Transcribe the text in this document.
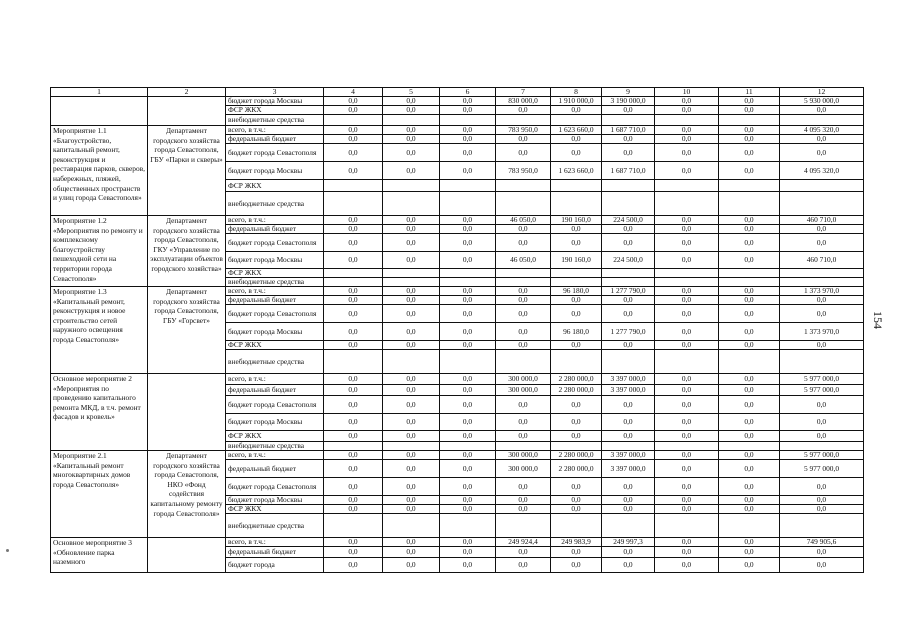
1	2	3	4	5	6	7	8	9	10	11	12
		бюджет города Москвы	0,0	0,0	0,0	830 000,0	1 910 000,0	3 190 000,0	0,0	0,0	5 930 000,0
		ФСР ЖКХ	0,0	0,0	0,0	0,0	0,0	0,0	0,0	0,0	0,0
		внебюджетные средства									
Мероприятие 1.1 «Благоустройство, капитальный ремонт, реконструкция и реставрация парков, скверов, набережных, пляжей, общественных пространств и улиц города Севастополя»	Департамент городского хозяйства города Севастополя, ГБУ «Парки и скверы»	всего, в т.ч.:	0,0	0,0	0,0	783 950,0	1 623 660,0	1 687 710,0	0,0	0,0	4 095 320,0
		федеральный бюджет	0,0	0,0	0,0	0,0	0,0	0,0	0,0	0,0	0,0
		бюджет города Севастополя	0,0	0,0	0,0	0,0	0,0	0,0	0,0	0,0	0,0
		бюджет города Москвы	0,0	0,0	0,0	783 950,0	1 623 660,0	1 687 710,0	0,0	0,0	4 095 320,0
		ФСР ЖКХ									
		внебюджетные средства									
Мероприятие 1.2 «Мероприятия по ремонту и комплексному благоустройству пешеходной сети на территории города Севастополя»	Департамент городского хозяйства города Севастополя, ГКУ «Управление по эксплуатации объектов городского хозяйства»	всего, в т.ч.:	0,0	0,0	0,0	46 050,0	190 160,0	224 500,0	0,0	0,0	460 710,0
		федеральный бюджет	0,0	0,0	0,0	0,0	0,0	0,0	0,0	0,0	0,0
		бюджет города Севастополя	0,0	0,0	0,0	0,0	0,0	0,0	0,0	0,0	0,0
		бюджет города Москвы	0,0	0,0	0,0	46 050,0	190 160,0	224 500,0	0,0	0,0	460 710,0
		ФСР ЖКХ									
		внебюджетные средства									
Мероприятие 1.3 «Капитальный ремонт, реконструкция и новое строительство сетей наружного освещения города Севастополя»	Департамент городского хозяйства города Севастополя, ГБУ «Горсвет»	всего, в т.ч.:	0,0	0,0	0,0	0,0	96 180,0	1 277 790,0	0,0	0,0	1 373 970,0
		федеральный бюджет	0,0	0,0	0,0	0,0	0,0	0,0	0,0	0,0	0,0
		бюджет города Севастополя	0,0	0,0	0,0	0,0	0,0	0,0	0,0	0,0	0,0
		бюджет города Москвы	0,0	0,0	0,0	0,0	96 180,0	1 277 790,0	0,0	0,0	1 373 970,0
		ФСР ЖКХ	0,0	0,0	0,0	0,0	0,0	0,0	0,0	0,0	0,0
		внебюджетные средства									
Основное мероприятие 2 «Мероприятия по проведению капитального ремонта МКД, в т.ч. ремонт фасадов и кровель»		всего, в т.ч.:	0,0	0,0	0,0	300 000,0	2 280 000,0	3 397 000,0	0,0	0,0	5 977 000,0
		федеральный бюджет	0,0	0,0	0,0	300 000,0	2 280 000,0	3 397 000,0	0,0	0,0	5 977 000,0
		бюджет города Севастополя	0,0	0,0	0,0	0,0	0,0	0,0	0,0	0,0	0,0
		бюджет города Москвы	0,0	0,0	0,0	0,0	0,0	0,0	0,0	0,0	0,0
		ФСР ЖКХ	0,0	0,0	0,0	0,0	0,0	0,0	0,0	0,0	0,0
		внебюджетные средства									
Мероприятие 2.1 «Капитальный ремонт многоквартирных домов города Севастополя»	Департамент городского хозяйства города Севастополя, НКО «Фонд содействия капитальному ремонту города Севастополя»	всего, в т.ч.:	0,0	0,0	0,0	300 000,0	2 280 000,0	3 397 000,0	0,0	0,0	5 977 000,0
		федеральный бюджет	0,0	0,0	0,0	300 000,0	2 280 000,0	3 397 000,0	0,0	0,0	5 977 000,0
		бюджет города Севастополя	0,0	0,0	0,0	0,0	0,0	0,0	0,0	0,0	0,0
		бюджет города Москвы	0,0	0,0	0,0	0,0	0,0	0,0	0,0	0,0	0,0
		ФСР ЖКХ	0,0	0,0	0,0	0,0	0,0	0,0	0,0	0,0	0,0
		внебюджетные средства									
Основное мероприятие 3 «Обновление парка наземного		всего, в т.ч.:	0,0	0,0	0,0	249 924,4	249 983,9	249 997,3	0,0	0,0	749 905,6
		федеральный бюджет	0,0	0,0	0,0	0,0	0,0	0,0	0,0	0,0	0,0
		бюджет города	0,0	0,0	0,0	0,0	0,0	0,0	0,0	0,0	0,0
154
